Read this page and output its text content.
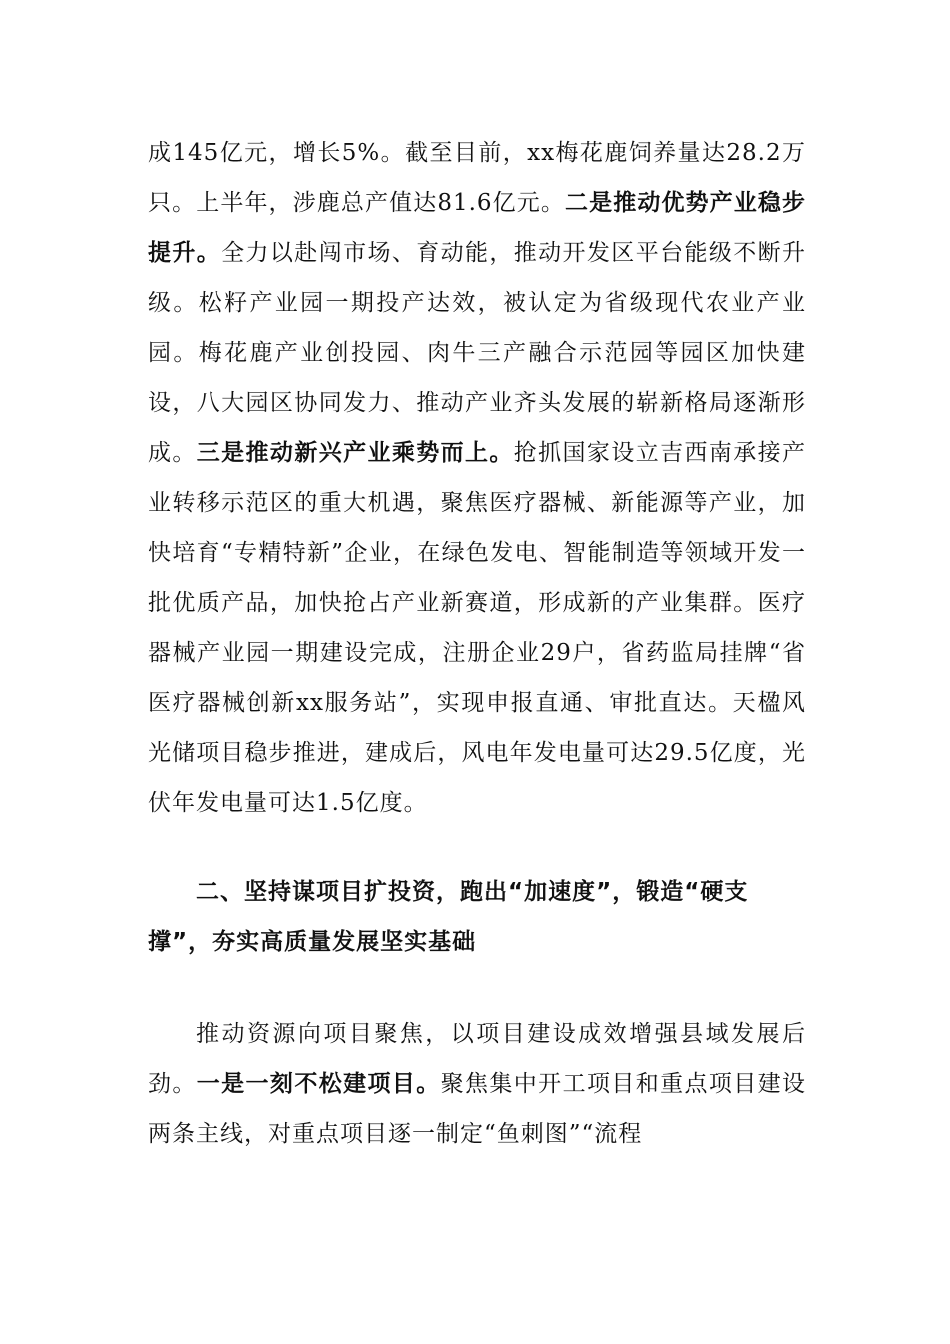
成145亿元，增长5%。截至目前，xx梅花鹿饲养量达28.2万只。上半年，涉鹿总产值达81.6亿元。二是推动优势产业稳步提升。全力以赴闯市场、育动能，推动开发区平台能级不断升级。松籽产业园一期投产达效，被认定为省级现代农业产业园。梅花鹿产业创投园、肉牛三产融合示范园等园区加快建设，八大园区协同发力、推动产业齐头发展的崭新格局逐渐形成。三是推动新兴产业乘势而上。抢抓国家设立吉西南承接产业转移示范区的重大机遇，聚焦医疗器械、新能源等产业，加快培育“专精特新”企业，在绿色发电、智能制造等领域开发一批优质产品，加快抢占产业新赛道，形成新的产业集群。医疗器械产业园一期建设完成，注册企业29户，省药监局挂牌“省医疗器械创新xx服务站”，实现申报直通、审批直达。天楹风光储项目稳步推进，建成后，风电年发电量可达29.5亿度，光伏年发电量可达1.5亿度。

二、坚持谋项目扩投资，跑出“加速度”，锻造“硬支撑”，夯实高质量发展坚实基础

推动资源向项目聚焦，以项目建设成效增强县域发展后劲。一是一刻不松建项目。聚焦集中开工项目和重点项目建设两条主线，对重点项目逐一制定“鱼刺图”“流程
